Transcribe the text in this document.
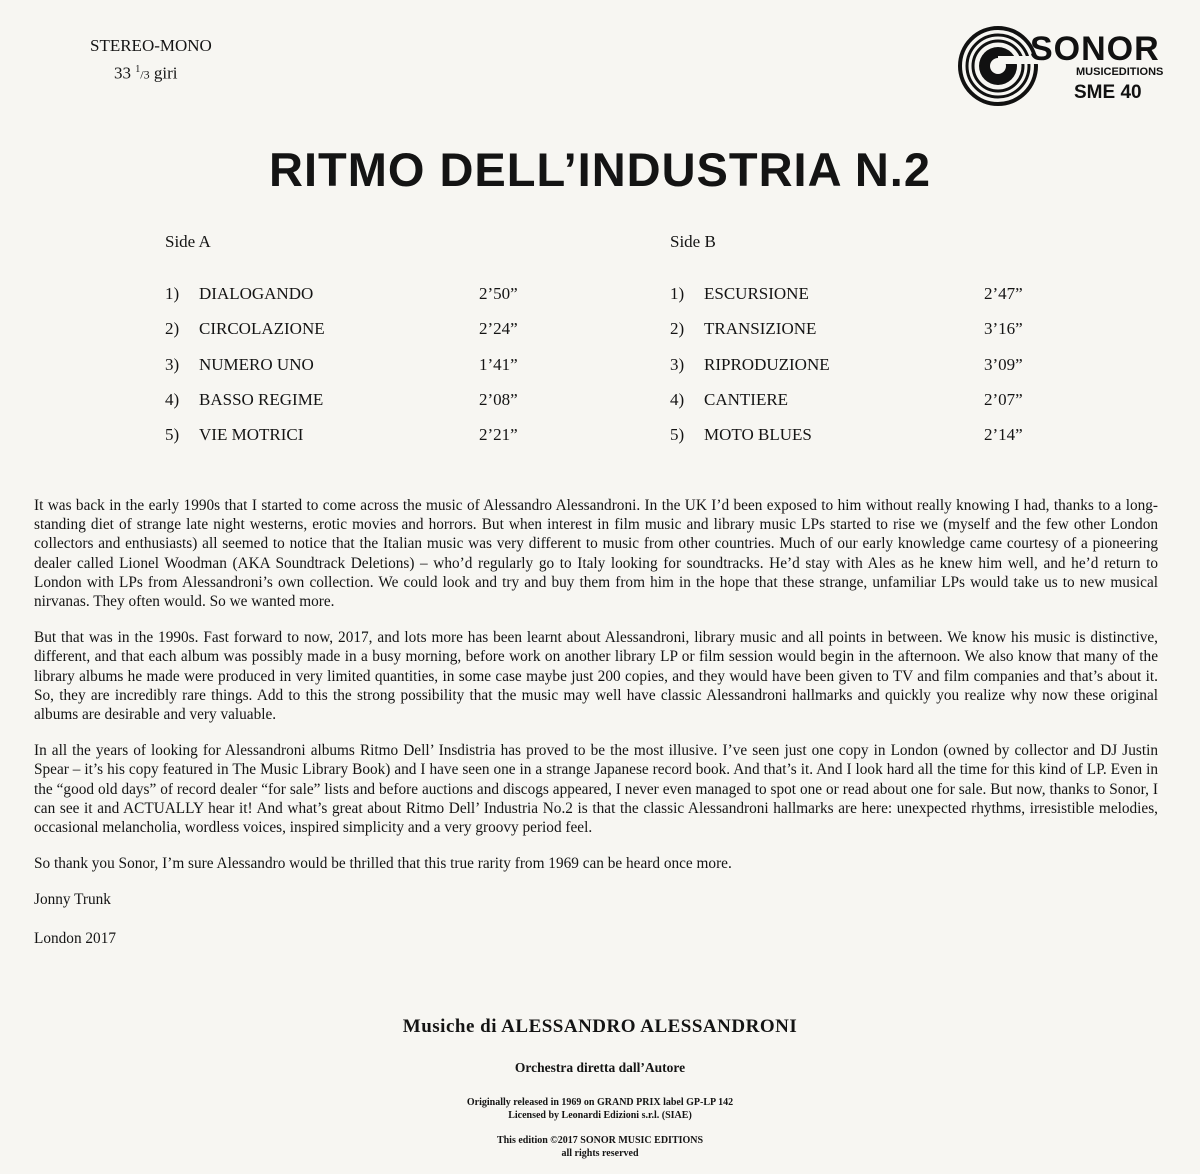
STEREO-MONO
33 $^1$/3 giri
SONOR
MUSICEDITIONS
SME 40
RITMO DELL’INDUSTRIA N.2
Side A
1) DIALOGANDO	2’50”
2) CIRCOLAZIONE	2’24”
3) NUMERO UNO	1’41”
4) BASSO REGIME	2’08”
5) VIE MOTRICI	2’21”
Side B
1) ESCURSIONE	2’47”
2) TRANSIZIONE	3’16”
3) RIPRODUZIONE	3’09”
4) CANTIERE	2’07”
5) MOTO BLUES	2’14”

It was back in the early 1990s that I started to come across the music of Alessandro Alessandroni. In the UK I’d been exposed to him without really knowing I had, thanks to a long-standing diet of strange late night westerns, erotic movies and horrors. But when interest in film music and library music LPs started to rise we (myself and the few other London collectors and enthusiasts) all seemed to notice that the Italian music was very different to music from other countries. Much of our early knowledge came courtesy of a pioneering dealer called Lionel Woodman (AKA Soundtrack Deletions) – who’d regularly go to Italy looking for soundtracks. He’d stay with Ales as he knew him well, and he’d return to London with LPs from Alessandroni’s own collection. We could look and try and buy them from him in the hope that these strange, unfamiliar LPs would take us to new musical nirvanas. They often would. So we wanted more.

But that was in the 1990s. Fast forward to now, 2017, and lots more has been learnt about Alessandroni, library music and all points in between. We know his music is distinctive, different, and that each album was possibly made in a busy morning, before work on another library LP or film session would begin in the afternoon. We also know that many of the library albums he made were produced in very limited quantities, in some case maybe just 200 copies, and they would have been given to TV and film companies and that’s about it. So, they are incredibly rare things. Add to this the strong possibility that the music may well have classic Alessandroni hallmarks and quickly you realize why now these original albums are desirable and very valuable.

In all the years of looking for Alessandroni albums Ritmo Dell’ Insdistria has proved to be the most illusive. I’ve seen just one copy in London (owned by collector and DJ Justin Spear – it’s his copy featured in The Music Library Book) and I have seen one in a strange Japanese record book. And that’s it. And I look hard all the time for this kind of LP. Even in the “good old days” of record dealer “for sale” lists and before auctions and discogs appeared, I never even managed to spot one or read about one for sale. But now, thanks to Sonor, I can see it and ACTUALLY hear it! And what’s great about Ritmo Dell’ Industria No.2 is that the classic Alessandroni hallmarks are here: unexpected rhythms, irresistible melodies, occasional melancholia, wordless voices, inspired simplicity and a very groovy period feel.

So thank you Sonor, I’m sure Alessandro would be thrilled that this true rarity from 1969 can be heard once more.

Jonny Trunk

London 2017

Musiche di ALESSANDRO ALESSANDRONI
Orchestra diretta dall’Autore
Originally released in 1969 on GRAND PRIX label GP-LP 142
Licensed by Leonardi Edizioni s.r.l. (SIAE)
This edition ©2017 SONOR MUSIC EDITIONS
all rights reserved
